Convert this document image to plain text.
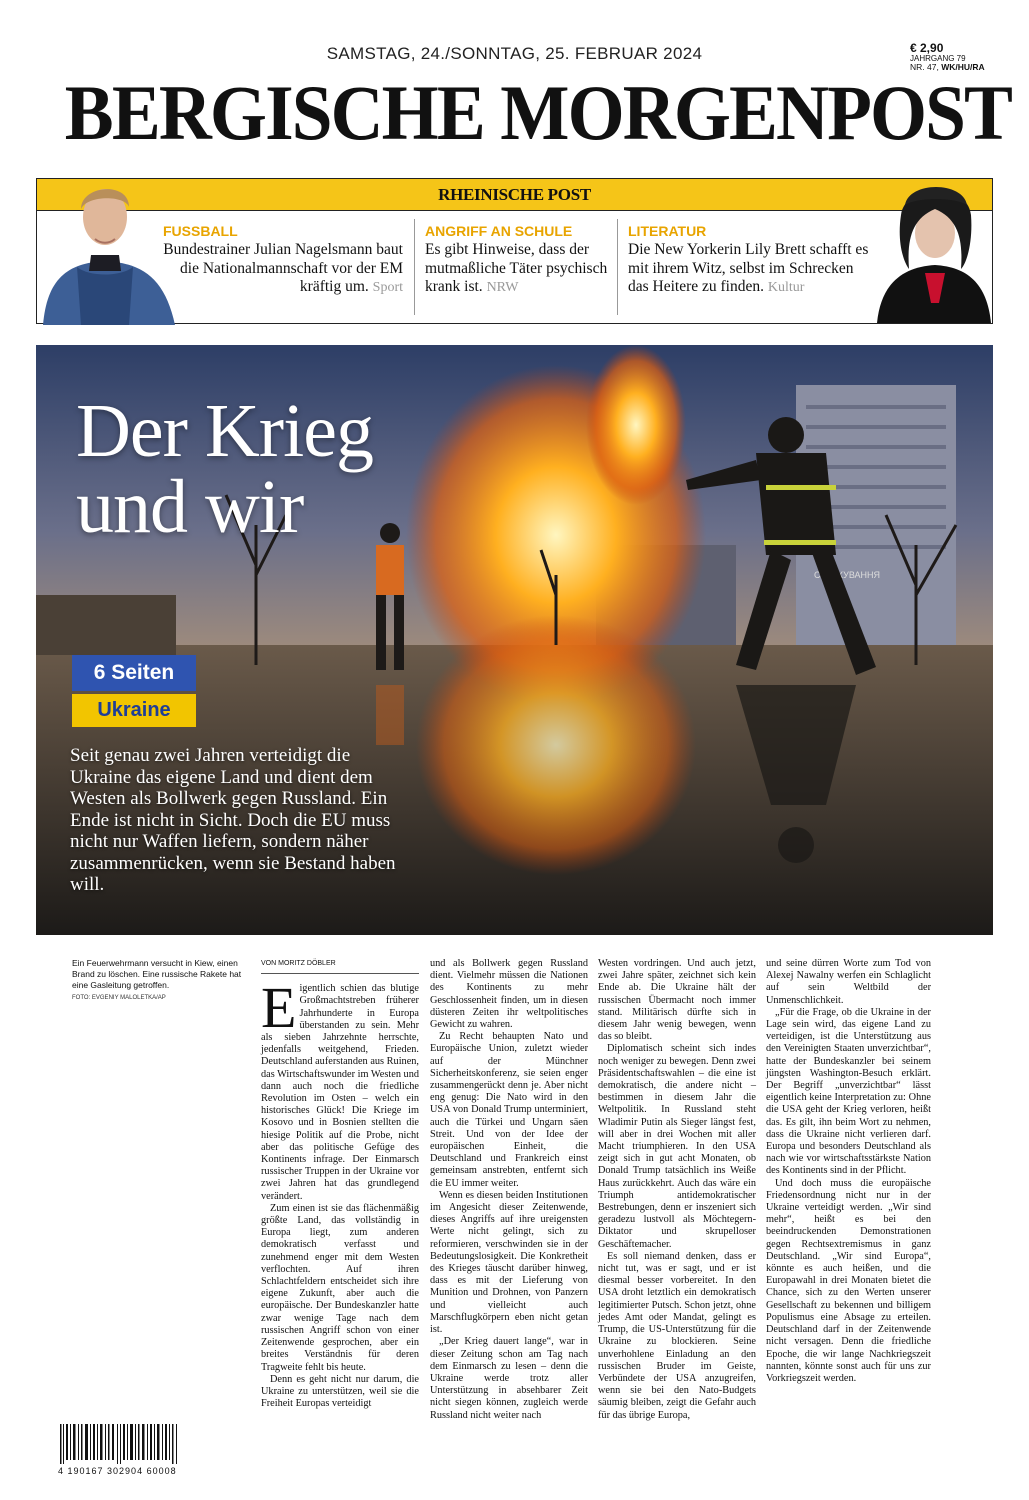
SAMSTAG, 24./SONNTAG, 25. FEBRUAR 2024	€ 2,90
JAHRGANG 79
NR. 47, WK/HU/RA
BERGISCHE MORGENPOST
RHEINISCHE POST
FUSSBALL
Bundestrainer Julian Nagelsmann baut die Nationalmannschaft vor der EM kräftig um. Sport
ANGRIFF AN SCHULE
Es gibt Hinweise, dass der mutmaßliche Täter psychisch krank ist. NRW
LITERATUR
Die New Yorkerin Lily Brett schafft es mit ihrem Witz, selbst im Schrecken das Heitere zu finden. Kultur
СТРАХУВАННЯ
Der Krieg
und wir
6 Seiten
Ukraine
Seit genau zwei Jahren verteidigt die Ukraine das eigene Land und dient dem Westen als Bollwerk gegen Russland. Ein Ende ist nicht in Sicht. Doch die EU muss nicht nur Waffen liefern, sondern näher zusammenrücken, wenn sie Bestand haben will.
Ein Feuerwehrmann versucht in Kiew, einen Brand zu löschen. Eine russische Rakete hat eine Gasleitung getroffen.
FOTO: EVGENIY MALOLETKA/AP

VON MORITZ DÖBLER

Eigentlich schien das blutige Großmachtstreben früherer Jahrhunderte in Europa überstanden zu sein. Mehr als sieben Jahrzehnte herrschte, jedenfalls weitgehend, Frieden. Deutschland auferstanden aus Ruinen, das Wirtschaftswunder im Westen und dann auch noch die friedliche Revolution im Osten – welch ein historisches Glück! Die Kriege im Kosovo und in Bosnien stellten die hiesige Politik auf die Probe, nicht aber das politische Gefüge des Kontinents infrage. Der Einmarsch russischer Truppen in der Ukraine vor zwei Jahren hat das grundlegend verändert.

Zum einen ist sie das flächenmäßig größte Land, das vollständig in Europa liegt, zum anderen demokratisch verfasst und zunehmend enger mit dem Westen verflochten. Auf ihren Schlachtfeldern entscheidet sich ihre eigene Zukunft, aber auch die europäische. Der Bundeskanzler hatte zwar wenige Tage nach dem russischen Angriff schon von einer Zeitenwende gesprochen, aber ein breites Verständnis für deren Tragweite fehlt bis heute.

Denn es geht nicht nur darum, die Ukraine zu unterstützen, weil sie die Freiheit Europas verteidigt

und als Bollwerk gegen Russland dient. Vielmehr müssen die Nationen des Kontinents zu mehr Geschlossenheit finden, um in diesen düsteren Zeiten ihr weltpolitisches Gewicht zu wahren.

Zu Recht behaupten Nato und Europäische Union, zuletzt wieder auf der Münchner Sicherheitskonferenz, sie seien enger zusammengerückt denn je. Aber nicht eng genug: Die Nato wird in den USA von Donald Trump unterminiert, auch die Türkei und Ungarn säen Streit. Und von der Idee der europäischen Einheit, die Deutschland und Frankreich einst gemeinsam anstrebten, entfernt sich die EU immer weiter.

Wenn es diesen beiden Institutionen im Angesicht dieser Zeitenwende, dieses Angriffs auf ihre ureigensten Werte nicht gelingt, sich zu reformieren, verschwinden sie in der Bedeutungslosigkeit. Die Konkretheit des Krieges täuscht darüber hinweg, dass es mit der Lieferung von Munition und Drohnen, von Panzern und vielleicht auch Marschflugkörpern eben nicht getan ist.

„Der Krieg dauert lange“, war in dieser Zeitung schon am Tag nach dem Einmarsch zu lesen – denn die Ukraine werde trotz aller Unterstützung in absehbarer Zeit nicht siegen können, zugleich werde Russland nicht weiter nach

Westen vordringen. Und auch jetzt, zwei Jahre später, zeichnet sich kein Ende ab. Die Ukraine hält der russischen Übermacht noch immer stand. Militärisch dürfte sich in diesem Jahr wenig bewegen, wenn das so bleibt.

Diplomatisch scheint sich indes noch weniger zu bewegen. Denn zwei Präsidentschaftswahlen – die eine ist demokratisch, die andere nicht – bestimmen in diesem Jahr die Weltpolitik. In Russland steht Wladimir Putin als Sieger längst fest, will aber in drei Wochen mit aller Macht triumphieren. In den USA zeigt sich in gut acht Monaten, ob Donald Trump tatsächlich ins Weiße Haus zurückkehrt. Auch das wäre ein Triumph antidemokratischer Bestrebungen, denn er inszeniert sich geradezu lustvoll als Möchtegern-Diktator und skrupelloser Geschäftemacher.

Es soll niemand denken, dass er nicht tut, was er sagt, und er ist diesmal besser vorbereitet. In den USA droht letztlich ein demokratisch legitimierter Putsch. Schon jetzt, ohne jedes Amt oder Mandat, gelingt es Trump, die US-Unterstützung für die Ukraine zu blockieren. Seine unverhohlene Einladung an den russischen Bruder im Geiste, Verbündete der USA anzugreifen, wenn sie bei den Nato-Budgets säumig bleiben, zeigt die Gefahr auch für das übrige Europa,

und seine dürren Worte zum Tod von Alexej Nawalny werfen ein Schlaglicht auf sein Weltbild der Unmenschlichkeit.

„Für die Frage, ob die Ukraine in der Lage sein wird, das eigene Land zu verteidigen, ist die Unterstützung aus den Vereinigten Staaten unverzichtbar“, hatte der Bundeskanzler bei seinem jüngsten Washington-Besuch erklärt. Der Begriff „unverzichtbar“ lässt eigentlich keine Interpretation zu: Ohne die USA geht der Krieg verloren, heißt das. Es gilt, ihn beim Wort zu nehmen, dass die Ukraine nicht verlieren darf. Europa und besonders Deutschland als nach wie vor wirtschaftsstärkste Nation des Kontinents sind in der Pflicht.

Und doch muss die europäische Friedensordnung nicht nur in der Ukraine verteidigt werden. „Wir sind mehr“, heißt es bei den beeindruckenden Demonstrationen gegen Rechtsextremismus in ganz Deutschland. „Wir sind Europa“, könnte es auch heißen, und die Europawahl in drei Monaten bietet die Chance, sich zu den Werten unserer Gesellschaft zu bekennen und billigem Populismus eine Absage zu erteilen. Deutschland darf in der Zeitenwende nicht versagen. Denn die friedliche Epoche, die wir lange Nachkriegszeit nannten, könnte sonst auch für uns zur Vorkriegszeit werden.

4 190167 302904 60008
